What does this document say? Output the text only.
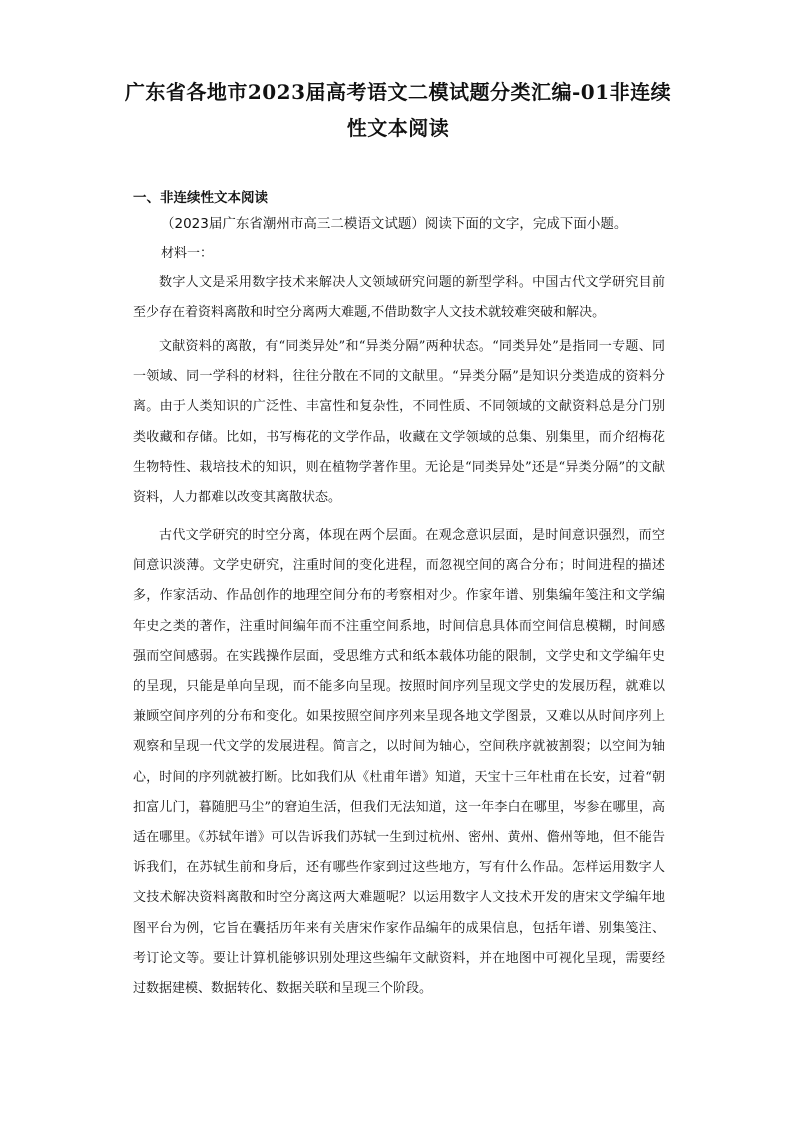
广东省各地市2023届高考语文二模试题分类汇编-01非连续
性文本阅读
一、非连续性文本阅读

（2023届广东省潮州市高三二模语文试题）阅读下面的文字，完成下面小题。

材料一：

数字人文是采用数字技术来解决人文领域研究问题的新型学科。中国古代文学研究目前至少存在着资料离散和时空分离两大难题,不借助数字人文技术就较难突破和解决。

文献资料的离散，有“同类异处”和“异类分隔”两种状态。“同类异处”是指同一专题、同一领域、同一学科的材料，往往分散在不同的文献里。“异类分隔”是知识分类造成的资料分离。由于人类知识的广泛性、丰富性和复杂性，不同性质、不同领域的文献资料总是分门别类收藏和存储。比如，书写梅花的文学作品，收藏在文学领域的总集、别集里，而介绍梅花生物特性、栽培技术的知识，则在植物学著作里。无论是“同类异处”还是“异类分隔”的文献资料，人力都难以改变其离散状态。

古代文学研究的时空分离，体现在两个层面。在观念意识层面，是时间意识强烈，而空间意识淡薄。文学史研究，注重时间的变化进程，而忽视空间的离合分布；时间进程的描述多，作家活动、作品创作的地理空间分布的考察相对少。作家年谱、别集编年笺注和文学编年史之类的著作，注重时间编年而不注重空间系地，时间信息具体而空间信息模糊，时间感强而空间感弱。在实践操作层面，受思维方式和纸本载体功能的限制，文学史和文学编年史的呈现，只能是单向呈现，而不能多向呈现。按照时间序列呈现文学史的发展历程，就难以兼顾空间序列的分布和变化。如果按照空间序列来呈现各地文学图景，又难以从时间序列上观察和呈现一代文学的发展进程。简言之，以时间为轴心，空间秩序就被割裂；以空间为轴心，时间的序列就被打断。比如我们从《杜甫年谱》知道，天宝十三年杜甫在长安，过着“朝扣富儿门，暮随肥马尘”的窘迫生活，但我们无法知道，这一年李白在哪里，岑参在哪里，高适在哪里。《苏轼年谱》可以告诉我们苏轼一生到过杭州、密州、黄州、儋州等地，但不能告诉我们，在苏轼生前和身后，还有哪些作家到过这些地方，写有什么作品。怎样运用数字人文技术解决资料离散和时空分离这两大难题呢？以运用数字人文技术开发的唐宋文学编年地图平台为例，它旨在囊括历年来有关唐宋作家作品编年的成果信息，包括年谱、别集笺注、考订论文等。要让计算机能够识别处理这些编年文献资料，并在地图中可视化呈现，需要经过数据建模、数据转化、数据关联和呈现三个阶段。
